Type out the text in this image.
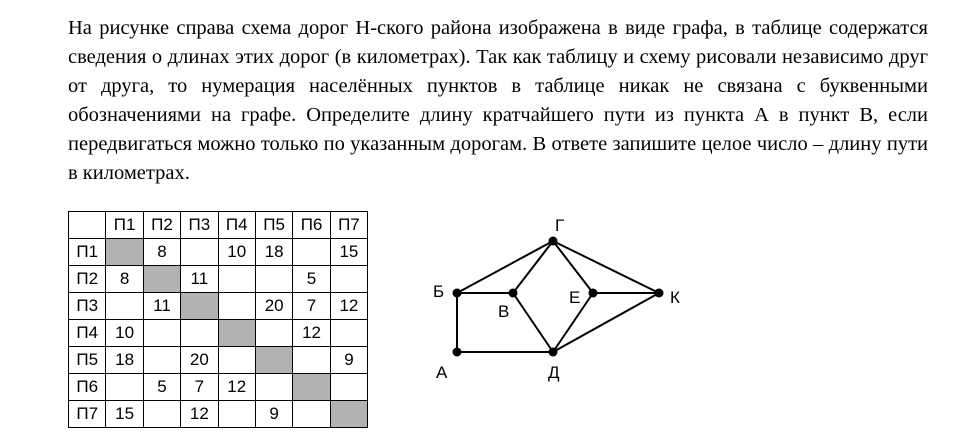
На рисунке справа схема дорог Н-ского района изображена в виде графа, в таблице содержатся сведения о длинах этих дорог (в километрах). Так как таблицу и схему рисовали независимо друг от друга, то нумерация населённых пунктов в таблице никак не связана с буквенными обозначениями на графе. Определите длину кратчайшего пути из пункта А в пункт В, если передвигаться можно только по указанным дорогам. В ответе запишите целое число – длину пути в километрах.

	П1	П2	П3	П4	П5	П6	П7
П1		8		10	18		15
П2	8		11			5	
П3		11			20	7	12
П4	10					12	
П5	18		20				9
П6		5	7	12			
П7	15		12		9		
Г
Б
В
Е	К
А	Д
